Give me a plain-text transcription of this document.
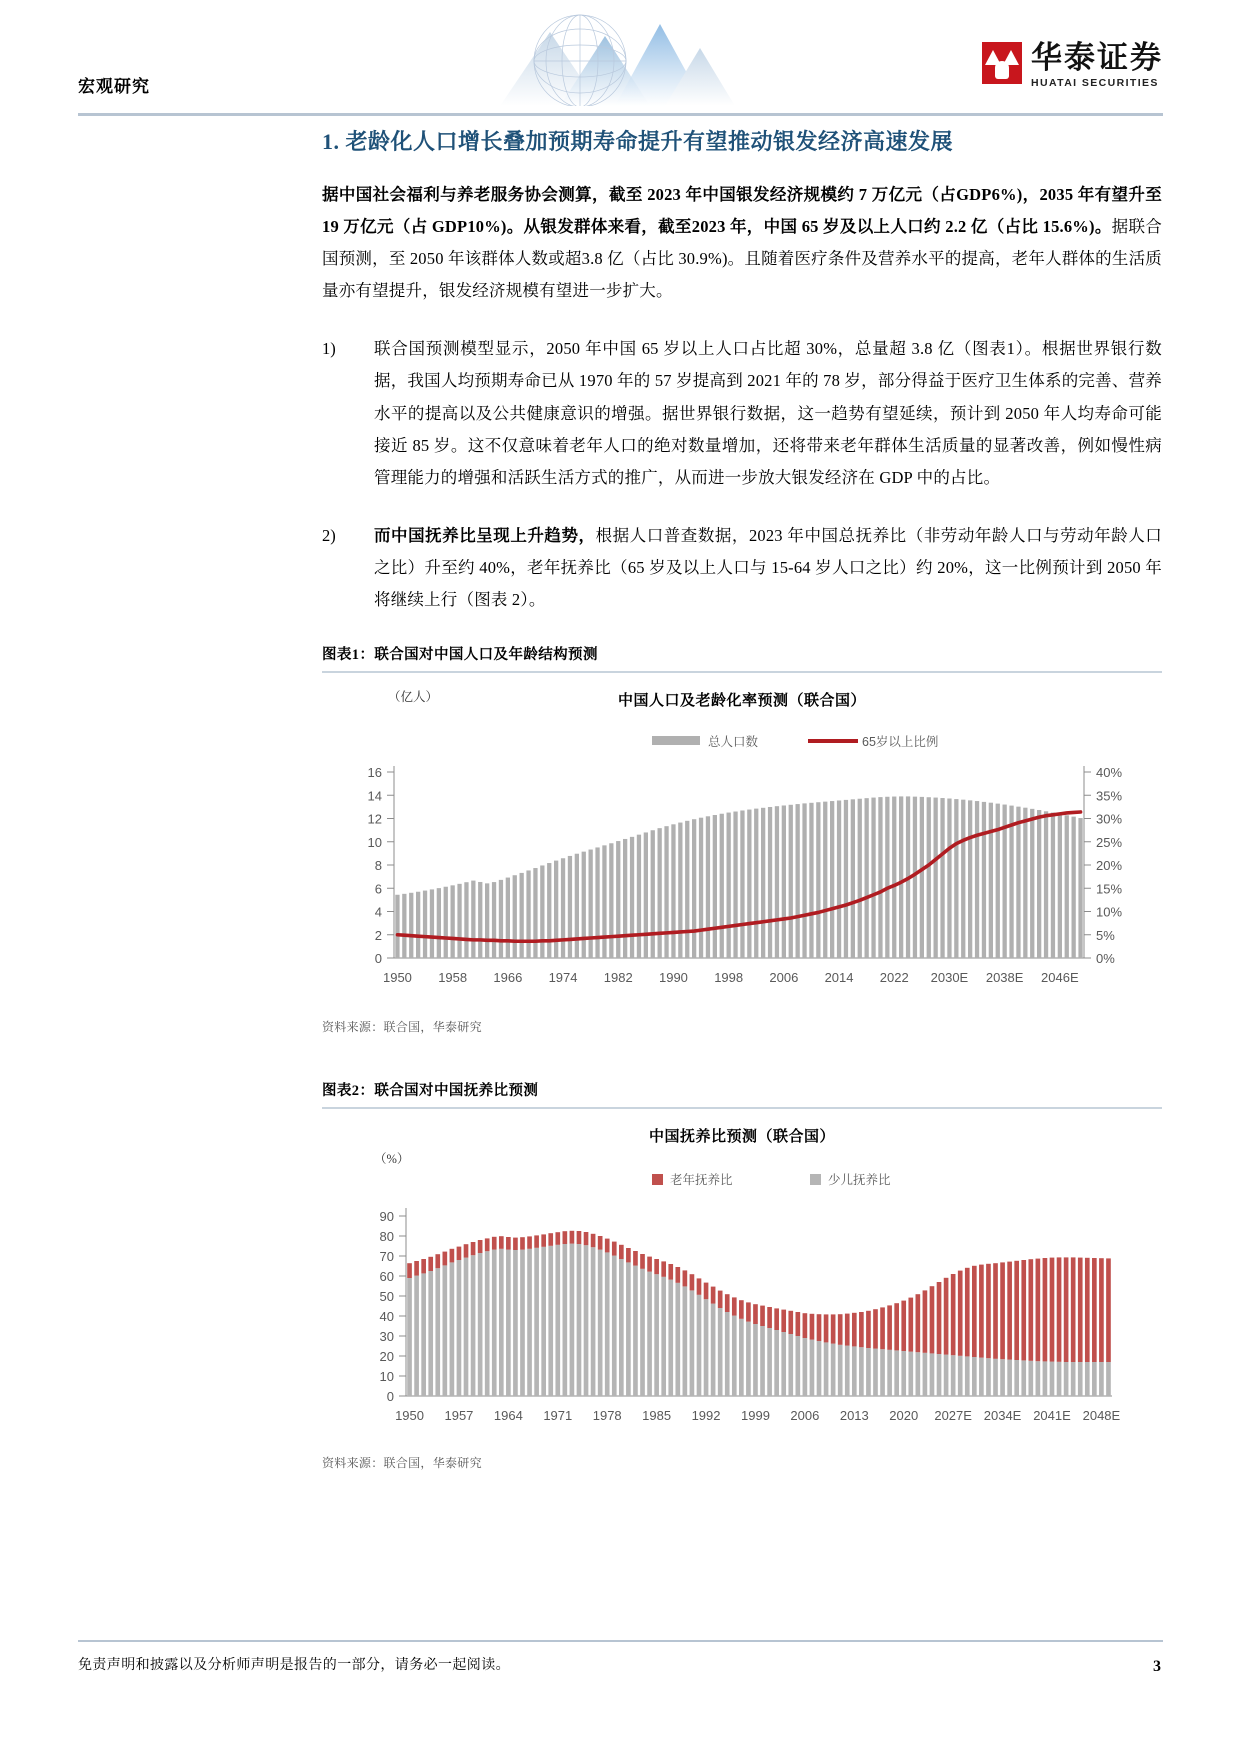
宏观研究
华泰证券
HUATAI SECURITIES
1. 老龄化人口增长叠加预期寿命提升有望推动银发经济高速发展

据中国社会福利与养老服务协会测算，截至 2023 年中国银发经济规模约 7 万亿元（占GDP6%)，2035 年有望升至 19 万亿元（占 GDP10%)。从银发群体来看，截至2023 年，中国 65 岁及以上人口约 2.2 亿（占比 15.6%)。据联合国预测，至 2050 年该群体人数或超3.8 亿（占比 30.9%)。且随着医疗条件及营养水平的提高，老年人群体的生活质量亦有望提升，银发经济规模有望进一步扩大。

1)	联合国预测模型显示，2050 年中国 65 岁以上人口占比超 30%，总量超 3.8 亿（图表1）。根据世界银行数据，我国人均预期寿命已从 1970 年的 57 岁提高到 2021 年的 78 岁，部分得益于医疗卫生体系的完善、营养水平的提高以及公共健康意识的增强。据世界银行数据，这一趋势有望延续，预计到 2050 年人均寿命可能接近 85 岁。这不仅意味着老年人口的绝对数量增加，还将带来老年群体生活质量的显著改善，例如慢性病管理能力的增强和活跃生活方式的推广，从而进一步放大银发经济在 GDP 中的占比。
2)	而中国抚养比呈现上升趋势，根据人口普查数据，2023 年中国总抚养比（非劳动年龄人口与劳动年龄人口之比）升至约 40%，老年抚养比（65 岁及以上人口与 15-64 岁人口之比）约 20%，这一比例预计到 2050 年将继续上行（图表 2）。
图表1：联合国对中国人口及年龄结构预测
中国人口及老龄化率预测（联合国）
总人口数	65岁以上比例
0
2
4
6
8
10
12
14
16
0%
5%
10%
15%
20%
25%
30%
35%
40%
1950 1958 1966 1974 1982 1990 1998 2006 2014 2022 2030E 2038E 2046E
（亿人）
资料来源：联合国，华泰研究
图表2：联合国对中国抚养比预测
中国抚养比预测（联合国）
老年抚养比	少儿抚养比
0
10
20
30
40
50
60
70
80
90
1950 1957 1964 1971 1978 1985 1992 1999 2006 2013 2020 2027E 2034E 2041E 2048E
（%）
资料来源：联合国，华泰研究
免责声明和披露以及分析师声明是报告的一部分，请务必一起阅读。	3
